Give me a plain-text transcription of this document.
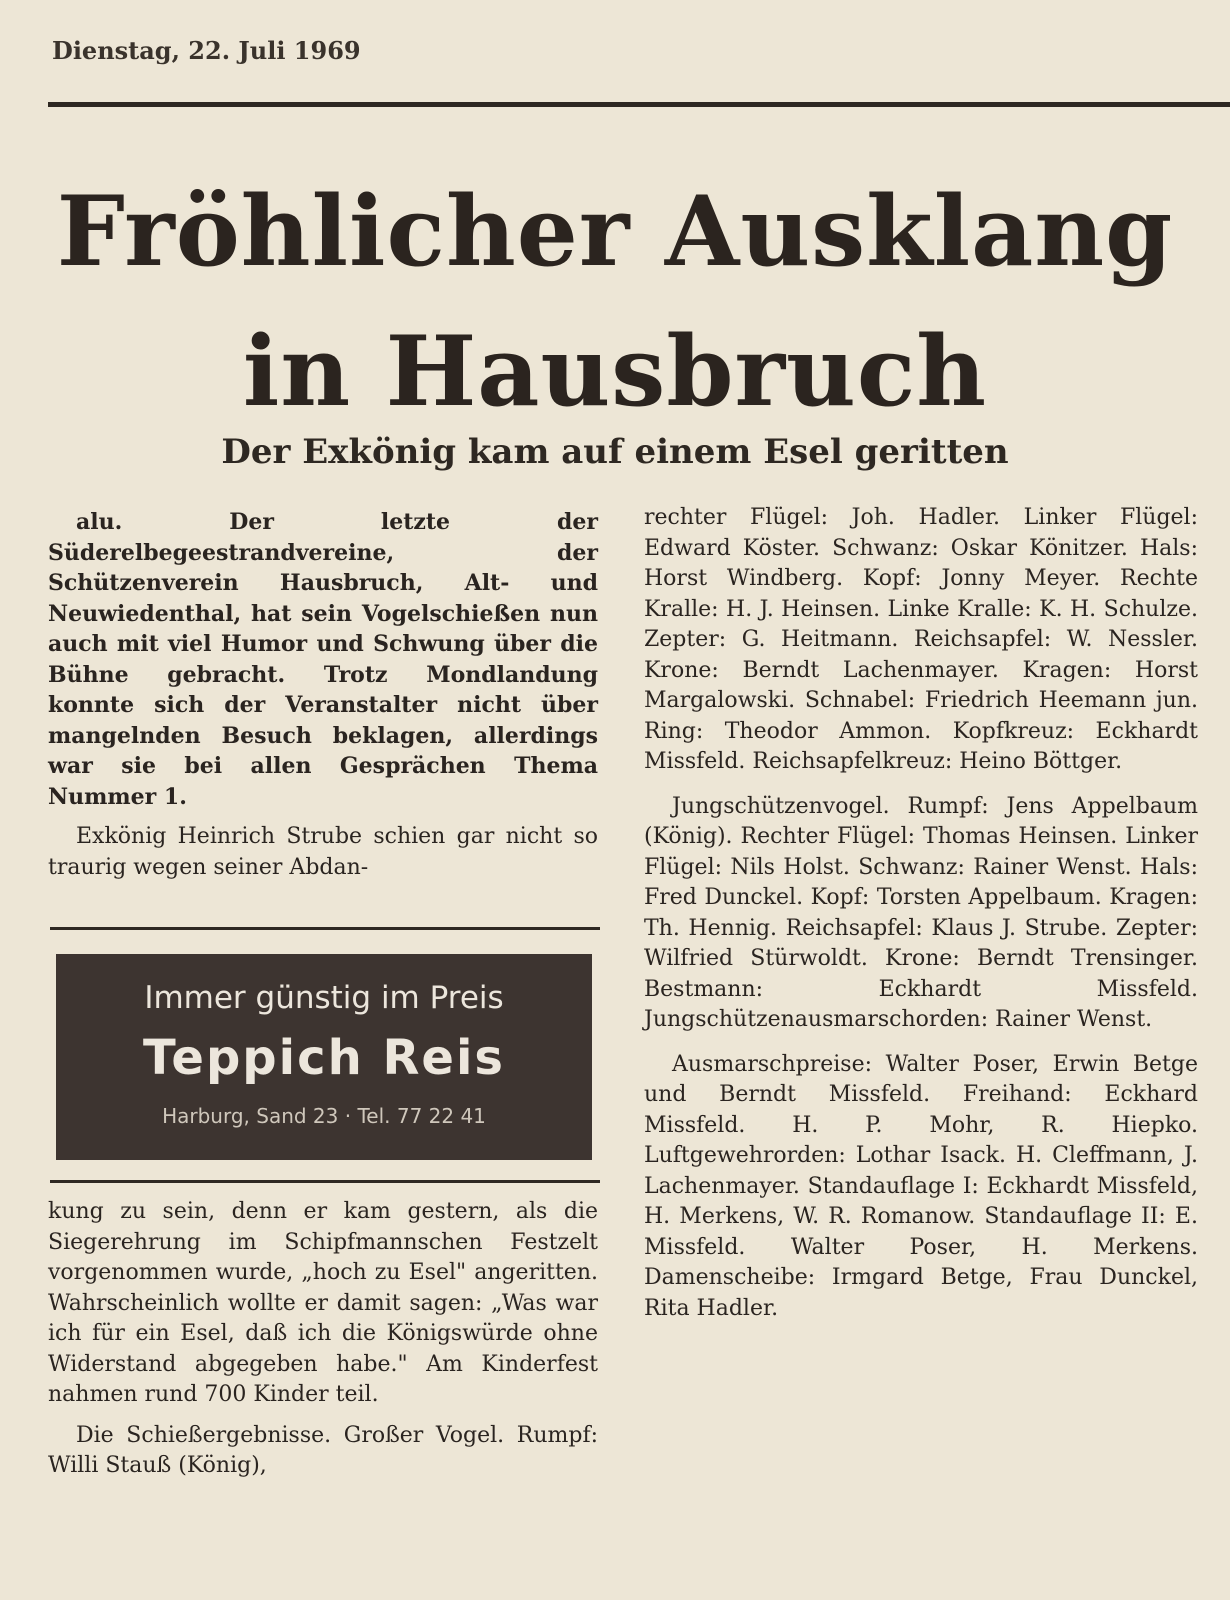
Dienstag, 22. Juli 1969
Fröhlicher Ausklang
in Hausbruch
Der Exkönig kam auf einem Esel geritten

alu. Der letzte der Süderelbegeestrandvereine, der Schützenverein Hausbruch, Alt- und Neuwiedenthal, hat sein Vogelschießen nun auch mit viel Humor und Schwung über die Bühne gebracht. Trotz Mondlandung konnte sich der Veranstalter nicht über mangelnden Besuch beklagen, allerdings war sie bei allen Gesprächen Thema Nummer 1.

Exkönig Heinrich Strube schien gar nicht so traurig wegen seiner Abdan-

Immer günstig im Preis
Teppich Reis
Harburg, Sand 23 · Tel. 77 22 41

kung zu sein, denn er kam gestern, als die Siegerehrung im Schipfmannschen Festzelt vorgenommen wurde, „hoch zu Esel" angeritten. Wahrscheinlich wollte er damit sagen: „Was war ich für ein Esel, daß ich die Königswürde ohne Widerstand abgegeben habe." Am Kinderfest nahmen rund 700 Kinder teil.

Die Schießergebnisse. Großer Vogel. Rumpf: Willi Stauß (König),

rechter Flügel: Joh. Hadler. Linker Flügel: Edward Köster. Schwanz: Oskar Könitzer. Hals: Horst Windberg. Kopf: Jonny Meyer. Rechte Kralle: H. J. Heinsen. Linke Kralle: K. H. Schulze. Zepter: G. Heitmann. Reichsapfel: W. Nessler. Krone: Berndt Lachenmayer. Kragen: Horst Margalowski. Schnabel: Friedrich Heemann jun. Ring: Theodor Ammon. Kopfkreuz: Eckhardt Missfeld. Reichsapfelkreuz: Heino Böttger.

Jungschützenvogel. Rumpf: Jens Appelbaum (König). Rechter Flügel: Thomas Heinsen. Linker Flügel: Nils Holst. Schwanz: Rainer Wenst. Hals: Fred Dunckel. Kopf: Torsten Appelbaum. Kragen: Th. Hennig. Reichsapfel: Klaus J. Strube. Zepter: Wilfried Stürwoldt. Krone: Berndt Trensinger. Bestmann: Eckhardt Missfeld. Jungschützenausmarschorden: Rainer Wenst.

Ausmarschpreise: Walter Poser, Erwin Betge und Berndt Missfeld. Freihand: Eckhard Missfeld. H. P. Mohr, R. Hiepko. Luftgewehrorden: Lothar Isack. H. Cleffmann, J. Lachenmayer. Standauflage I: Eckhardt Missfeld, H. Merkens, W. R. Romanow. Standauflage II: E. Missfeld. Walter Poser, H. Merkens. Damenscheibe: Irmgard Betge, Frau Dunckel, Rita Hadler.
